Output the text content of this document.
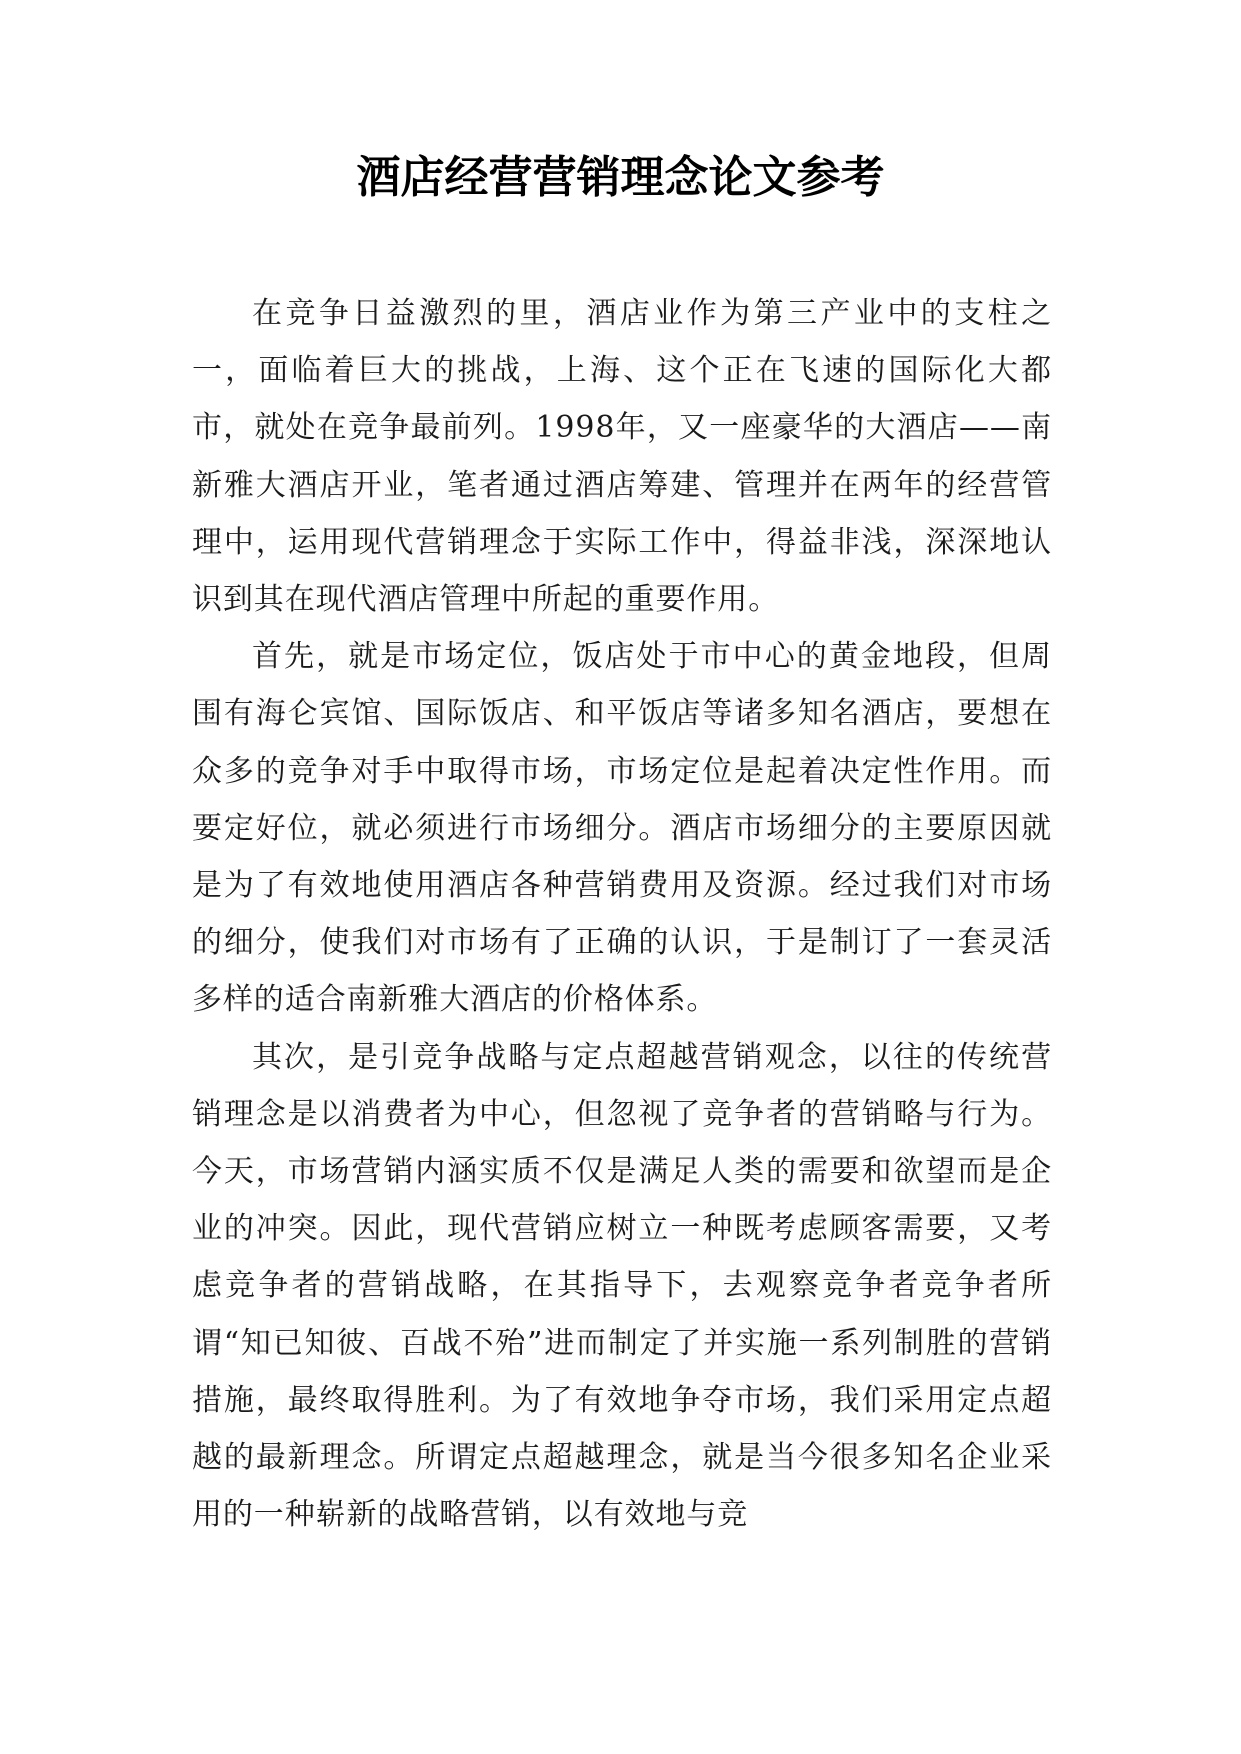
酒店经营营销理念论文参考

在竞争日益激烈的里，酒店业作为第三产业中的支柱之一，面临着巨大的挑战，上海、这个正在飞速的国际化大都市，就处在竞争最前列。1998年，又一座豪华的大酒店——南新雅大酒店开业，笔者通过酒店筹建、管理并在两年的经营管理中，运用现代营销理念于实际工作中，得益非浅，深深地认识到其在现代酒店管理中所起的重要作用。

首先，就是市场定位，饭店处于市中心的黄金地段，但周围有海仑宾馆、国际饭店、和平饭店等诸多知名酒店，要想在众多的竞争对手中取得市场，市场定位是起着决定性作用。而要定好位，就必须进行市场细分。酒店市场细分的主要原因就是为了有效地使用酒店各种营销费用及资源。经过我们对市场的细分，使我们对市场有了正确的认识，于是制订了一套灵活多样的适合南新雅大酒店的价格体系。

其次，是引竞争战略与定点超越营销观念，以往的传统营销理念是以消费者为中心，但忽视了竞争者的营销略与行为。今天，市场营销内涵实质不仅是满足人类的需要和欲望而是企业的冲突。因此，现代营销应树立一种既考虑顾客需要，又考虑竞争者的营销战略，在其指导下，去观察竞争者竞争者所谓“知已知彼、百战不殆”进而制定了并实施一系列制胜的营销措施，最终取得胜利。为了有效地争夺市场，我们采用定点超越的最新理念。所谓定点超越理念，就是当今很多知名企业采用的一种崭新的战略营销，以有效地与竞
